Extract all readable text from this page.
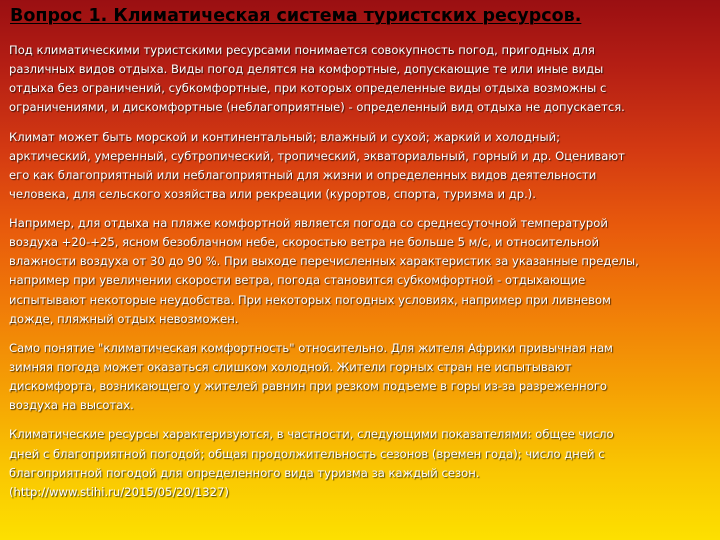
Вопрос 1. Климатическая система туристских ресурсов.

Под климатическими туристскими ресурсами понимается совокупность погод, пригодных для
различных видов отдыха. Виды погод делятся на комфортные, допускающие те или иные виды
отдыха без ограничений, субкомфортные, при которых определенные виды отдыха возможны с
ограничениями, и дискомфортные (неблагоприятные) - определенный вид отдыха не допускается.

Климат может быть морской и континентальный; влажный и сухой; жаркий и холодный;
арктический, умеренный, субтропический, тропический, экваториальный, горный и др. Оценивают
его как благоприятный или неблагоприятный для жизни и определенных видов деятельности
человека, для сельского хозяйства или рекреации (курортов, спорта, туризма и др.).

Например, для отдыха на пляже комфортной является погода со среднесуточной температурой
воздуха +20-+25, ясном безоблачном небе, скоростью ветра не больше 5 м/с, и относительной
влажности воздуха от 30 до 90 %. При выходе перечисленных характеристик за указанные пределы,
например при увеличении скорости ветра, погода становится субкомфортной - отдыхающие
испытывают некоторые неудобства. При некоторых погодных условиях, например при ливневом
дожде, пляжный отдых невозможен.

Само понятие "климатическая комфортность" относительно. Для жителя Африки привычная нам
зимняя погода может оказаться слишком холодной. Жители горных стран не испытывают
дискомфорта, возникающего у жителей равнин при резком подъеме в горы из-за разреженного
воздуха на высотах.

Климатические ресурсы характеризуются, в частности, следующими показателями: общее число
дней с благоприятной погодой; общая продолжительность сезонов (времен года); число дней с
благоприятной погодой для определенного вида туризма за каждый сезон.
(http://www.stihi.ru/2015/05/20/1327)
